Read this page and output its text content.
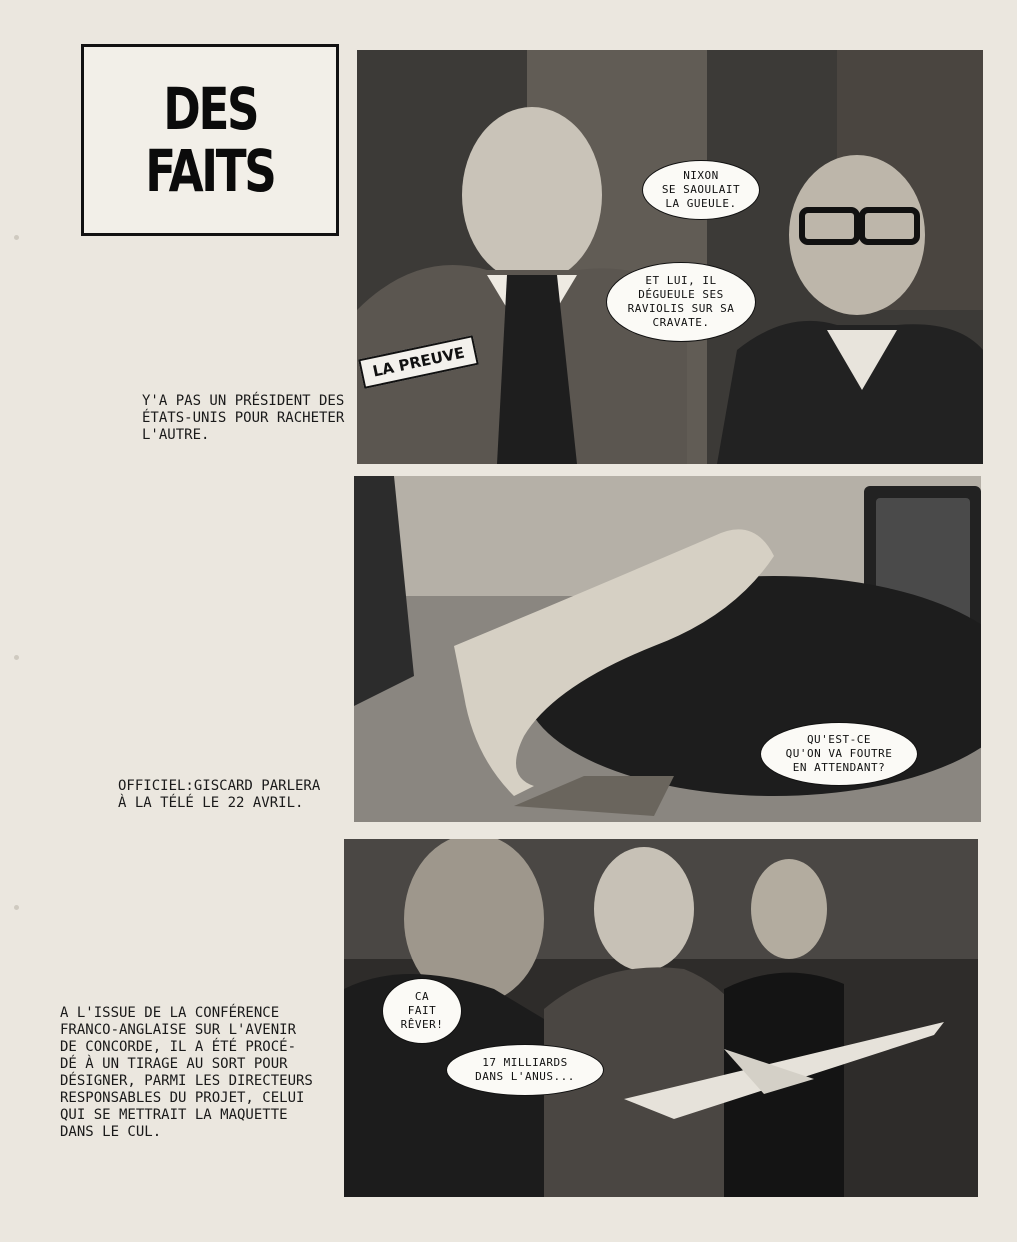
DES
FAITS	NIXON
SE SAOULAIT
LA GUEULE.
ET LUI, IL
DÉGUEULE SES
RAVIOLIS SUR SA
CRAVATE.
LA PREUVE
Y'A PAS UN PRÉSIDENT DES
ÉTATS-UNIS POUR RACHETER
L'AUTRE.
QU'EST-CE
QU'ON VA FOUTRE
EN ATTENDANT?
OFFICIEL:GISCARD PARLERA
À LA TÉLÉ LE 22 AVRIL.
CA
FAIT
RÊVER!
17 MILLIARDS
DANS L'ANUS...
A L'ISSUE DE LA CONFÉRENCE
FRANCO-ANGLAISE SUR L'AVENIR
DE CONCORDE, IL A ÉTÉ PROCÉ-
DÉ À UN TIRAGE AU SORT POUR
DÉSIGNER, PARMI LES DIRECTEURS
RESPONSABLES DU PROJET, CELUI
QUI SE METTRAIT LA MAQUETTE
DANS LE CUL.
